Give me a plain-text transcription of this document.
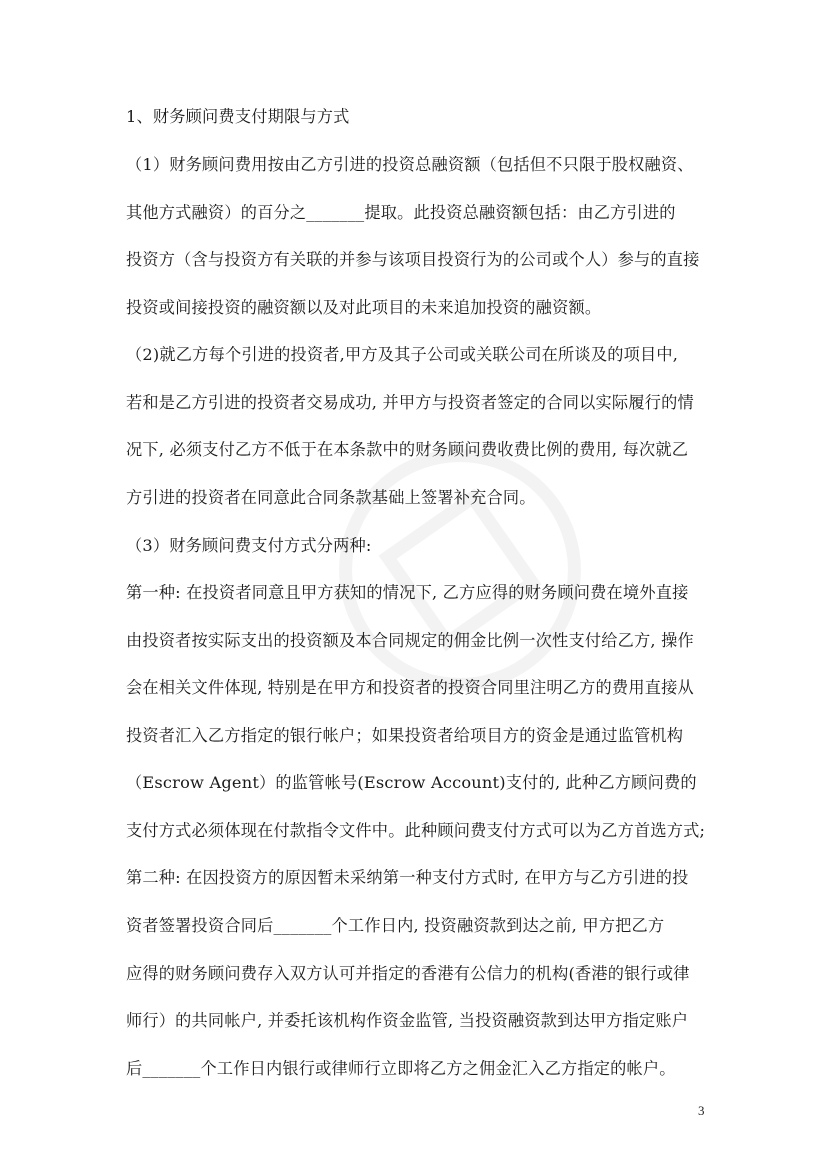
1、财务顾问费支付期限与方式
（1）财务顾问费用按由乙方引进的投资总融资额（包括但不只限于股权融资、
其他方式融资）的百分之_______提取。此投资总融资额包括：由乙方引进的
投资方（含与投资方有关联的并参与该项目投资行为的公司或个人）参与的直接
投资或间接投资的融资额以及对此项目的未来追加投资的融资额。
（2)就乙方每个引进的投资者,甲方及其子公司或关联公司在所谈及的项目中,
若和是乙方引进的投资者交易成功, 并甲方与投资者签定的合同以实际履行的情
况下, 必须支付乙方不低于在本条款中的财务顾问费收费比例的费用, 每次就乙
方引进的投资者在同意此合同条款基础上签署补充合同。
（3）财务顾问费支付方式分两种:
第一种: 在投资者同意且甲方获知的情况下, 乙方应得的财务顾问费在境外直接
由投资者按实际支出的投资额及本合同规定的佣金比例一次性支付给乙方, 操作
会在相关文件体现, 特别是在甲方和投资者的投资合同里注明乙方的费用直接从
投资者汇入乙方指定的银行帐户；如果投资者给项目方的资金是通过监管机构
（Escrow Agent）的监管帐号(Escrow Account)支付的, 此种乙方顾问费的
支付方式必须体现在付款指令文件中。此种顾问费支付方式可以为乙方首选方式;
第二种: 在因投资方的原因暂未采纳第一种支付方式时, 在甲方与乙方引进的投
资者签署投资合同后_______个工作日内, 投资融资款到达之前, 甲方把乙方
应得的财务顾问费存入双方认可并指定的香港有公信力的机构(香港的银行或律
师行）的共同帐户, 并委托该机构作资金监管, 当投资融资款到达甲方指定账户
后_______个工作日内银行或律师行立即将乙方之佣金汇入乙方指定的帐户。
3
